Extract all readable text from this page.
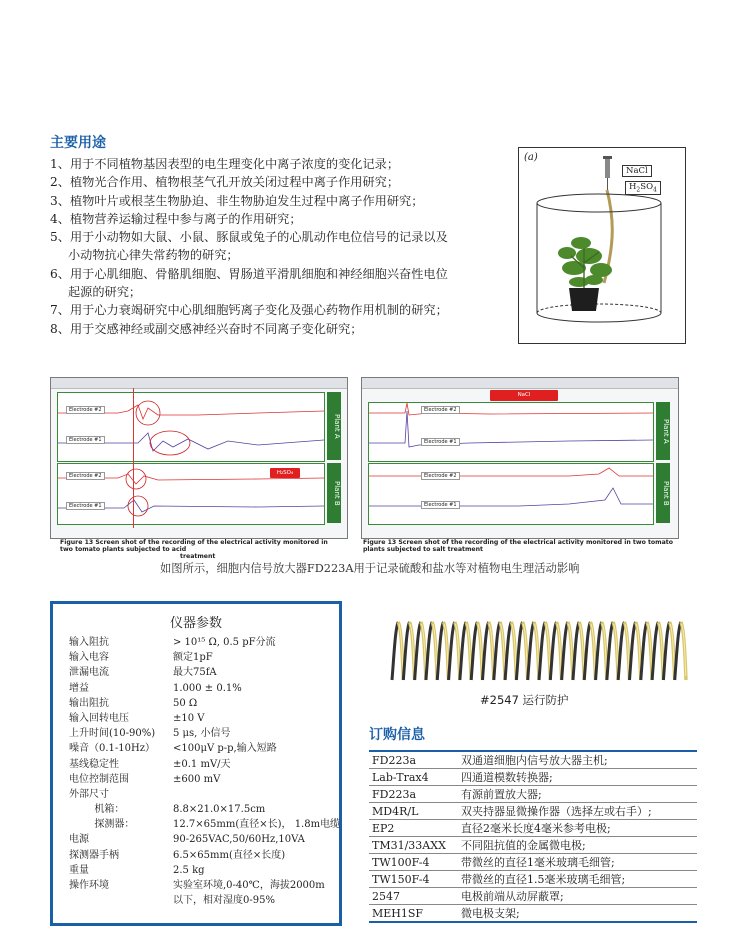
主要用途
1、用于不同植物基因表型的电生理变化中离子浓度的变化记录；
2、植物光合作用、植物根茎气孔开放关闭过程中离子作用研究；
3、植物叶片或根茎生物胁迫、非生物胁迫发生过程中离子作用研究；
4、植物营养运输过程中参与离子的作用研究；
5、用于小动物如大鼠、小鼠、豚鼠或兔子的心肌动作电位信号的记录以及
小动物抗心律失常药物的研究；
6、用于心肌细胞、骨骼肌细胞、胃肠道平滑肌细胞和神经细胞兴奋性电位
起源的研究；
7、用于心力衰竭研究中心肌细胞钙离子变化及强心药物作用机制的研究；
8、用于交感神经或副交感神经兴奋时不同离子变化研究；
(a)
NaCl
$H_2SO_4$
Electrode #2
Electrode #1
Plant A
Electrode #2
Electrode #1
H₂SO₄
Plant B
Figure 13 Screen shot of the recording of the electrical activity monitored in two tomato plants subjected to acid
treatment
NaCl
Electrode #2
Electrode #1	Plant A
Electrode #2
Electrode #1	Plant B
Figure 13 Screen shot of the recording of the electrical activity monitored in two tomato plants subjected to salt treatment
如图所示，细胞内信号放大器FD223A用于记录硫酸和盐水等对植物电生理活动影响
仪器参数
输入阻抗	> 10¹⁵ Ω, 0.5 pF分流
输入电容	额定1pF
泄漏电流	最大75fA
增益	1.000 ± 0.1%
输出阻抗	50 Ω
输入回转电压	±10 V
上升时间(10-90%) 5 μs, 小信号
噪音（0.1-10Hz） <100μV p-p,输入短路
基线稳定性	±0.1 mV/天
电位控制范围	±600 mV
外部尺寸
机箱：	8.8×21.0×17.5cm
探测器：	12.7×65mm(直径×长)， 1.8m电缆
电源	90-265VAC,50/60Hz,10VA
探测器手柄	6.5×65mm(直径×长度)
重量	2.5 kg
操作环境	实验室环境,0-40℃，海拔2000m
以下，相对湿度0-95%
#2547 运行防护
订购信息
FD223a	双通道细胞内信号放大器主机;
Lab-Trax4	四通道模数转换器;
FD223a	有源前置放大器;
MD4R/L	双夹持器显微操作器（选择左或右手）;
EP2	直径2毫米长度4毫米参考电极;
TM31/33AXX	不同阻抗值的金属微电极;
TW100F-4	带微丝的直径1毫米玻璃毛细管;
TW150F-4	带微丝的直径1.5毫米玻璃毛细管;
2547	电极前端从动屏蔽罩;
MEH1SF	微电极支架;
